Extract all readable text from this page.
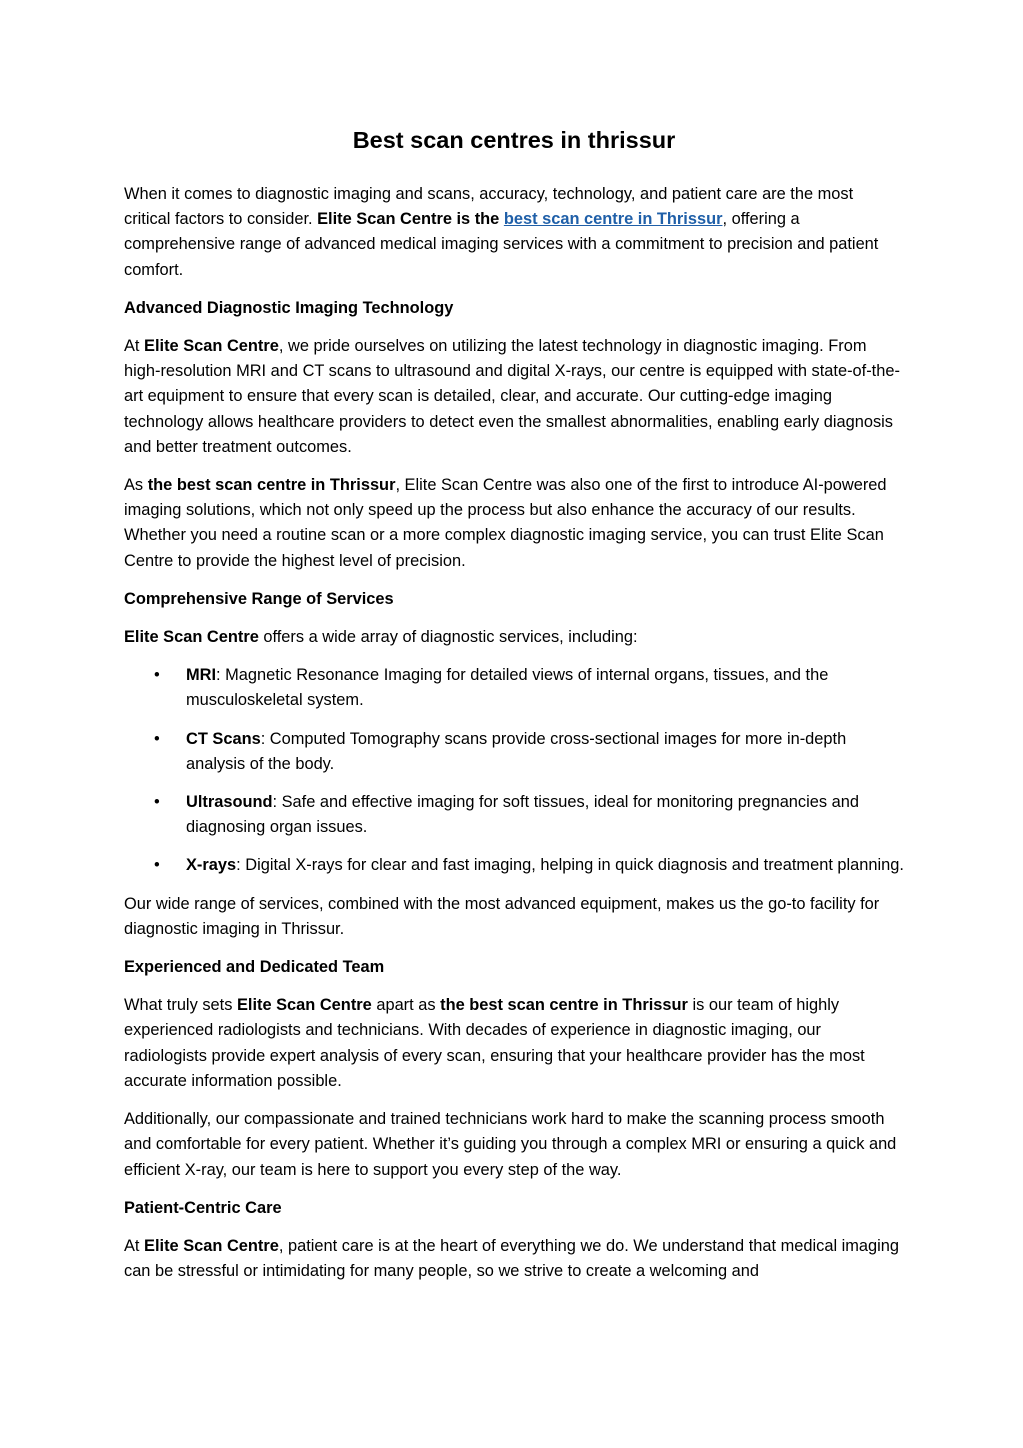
Best scan centres in thrissur

When it comes to diagnostic imaging and scans, accuracy, technology, and patient care are the most critical factors to consider. Elite Scan Centre is the best scan centre in Thrissur, offering a comprehensive range of advanced medical imaging services with a commitment to precision and patient comfort.

Advanced Diagnostic Imaging Technology

At Elite Scan Centre, we pride ourselves on utilizing the latest technology in diagnostic imaging. From high-resolution MRI and CT scans to ultrasound and digital X-rays, our centre is equipped with state-of-the-art equipment to ensure that every scan is detailed, clear, and accurate. Our cutting-edge imaging technology allows healthcare providers to detect even the smallest abnormalities, enabling early diagnosis and better treatment outcomes.

As the best scan centre in Thrissur, Elite Scan Centre was also one of the first to introduce AI-powered imaging solutions, which not only speed up the process but also enhance the accuracy of our results. Whether you need a routine scan or a more complex diagnostic imaging service, you can trust Elite Scan Centre to provide the highest level of precision.

Comprehensive Range of Services

Elite Scan Centre offers a wide array of diagnostic services, including:

• MRI: Magnetic Resonance Imaging for detailed views of internal organs, tissues, and the musculoskeletal system.
• CT Scans: Computed Tomography scans provide cross-sectional images for more in-depth analysis of the body.
• Ultrasound: Safe and effective imaging for soft tissues, ideal for monitoring pregnancies and diagnosing organ issues.
• X-rays: Digital X-rays for clear and fast imaging, helping in quick diagnosis and treatment planning.

Our wide range of services, combined with the most advanced equipment, makes us the go-to facility for diagnostic imaging in Thrissur.

Experienced and Dedicated Team

What truly sets Elite Scan Centre apart as the best scan centre in Thrissur is our team of highly experienced radiologists and technicians. With decades of experience in diagnostic imaging, our radiologists provide expert analysis of every scan, ensuring that your healthcare provider has the most accurate information possible.

Additionally, our compassionate and trained technicians work hard to make the scanning process smooth and comfortable for every patient. Whether it’s guiding you through a complex MRI or ensuring a quick and efficient X-ray, our team is here to support you every step of the way.

Patient-Centric Care

At Elite Scan Centre, patient care is at the heart of everything we do. We understand that medical imaging can be stressful or intimidating for many people, so we strive to create a welcoming and
